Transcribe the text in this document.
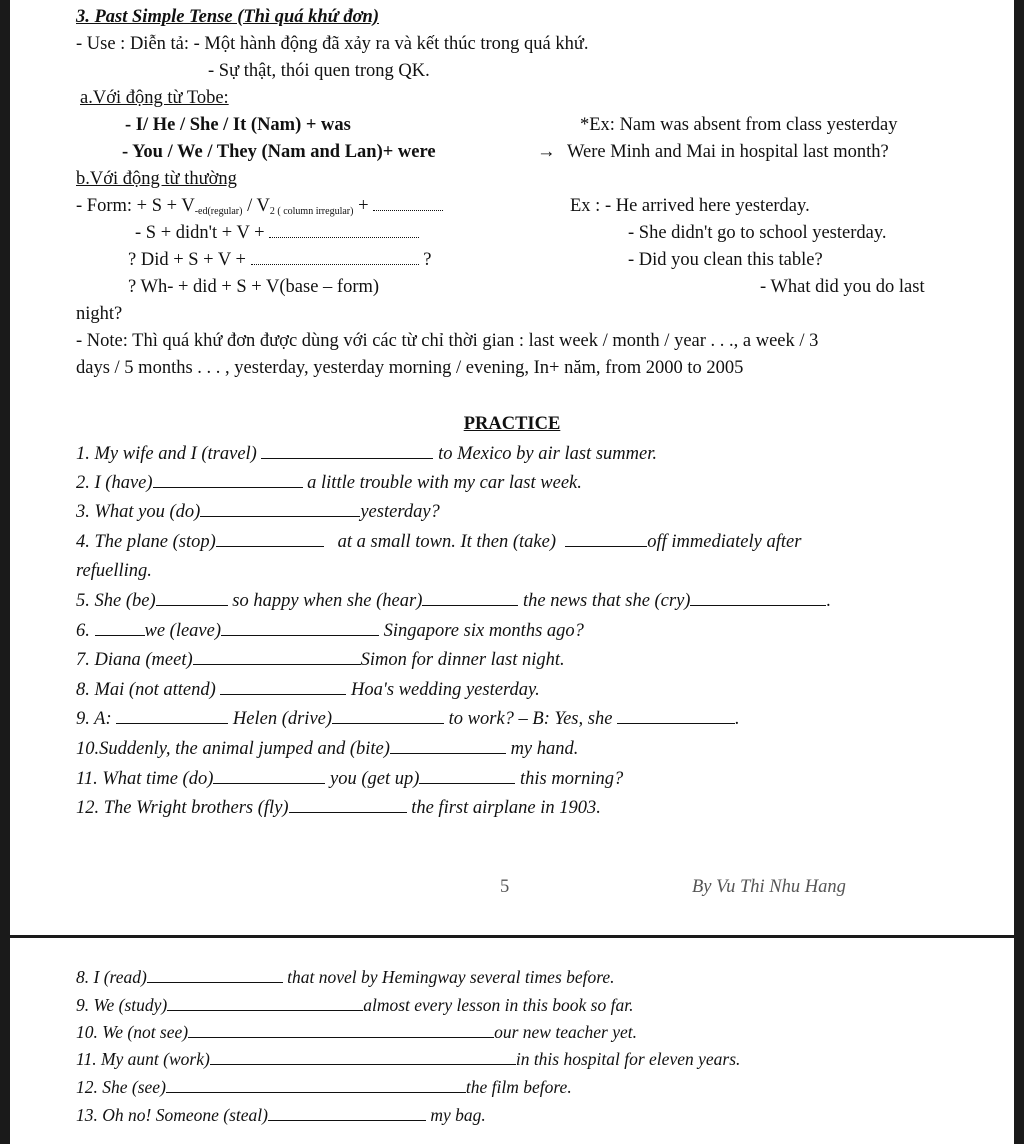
3. Past Simple Tense (Thì quá khứ đơn)
- Use : Diễn tả: - Một hành động đã xảy ra và kết thúc trong quá khứ.
- Sự thật, thói quen trong QK.
a.Với động từ Tobe:
- I/ He / She / It (Nam) + was	*Ex: Nam was absent from class yesterday
- You / We / They (Nam and Lan)+ were	→ Were Minh and Mai in hospital last month?
b.Với động từ thường
- Form: + $S + V_{-ed(regular)} / V_{2 ( column irregular)}$ +	Ex : - He arrived here yesterday.
- S + didn't + V +	- She didn't go to school yesterday.
? Did + S + V +	?	- Did you clean this table?
? Wh- + did + S + V(base – form)	- What did you do last
night?
- Note: Thì quá khứ đơn được dùng với các từ chỉ thời gian : last week / month / year . . ., a week / 3
days / 5 months . . . , yesterday, yesterday morning / evening, In+ năm, from 2000 to 2005
PRACTICE
1. My wife and I (travel)	to Mexico by air last summer.
2. I (have)	a little trouble with my car last week.
3. What you (do)	yesterday?
4. The plane (stop)	at a small town. It then (take)	off immediately after
refuelling.
5. She (be)	so happy when she (hear)	the news that she (cry)	.
6.	we (leave)	Singapore six months ago?
7. Diana (meet)	Simon for dinner last night.
8. Mai (not attend)	Hoa's wedding yesterday.
9. A:	Helen (drive)	to work? – B: Yes, she	.
10.Suddenly, the animal jumped and (bite)	my hand.
11. What time (do)	you (get up)	this morning?
12. The Wright brothers (fly)	the first airplane in 1903.
5	By Vu Thi Nhu Hang
8. I (read)	that novel by Hemingway several times before.
9. We (study)	almost every lesson in this book so far.
10. We (not see)	our new teacher yet.
11. My aunt (work)	in this hospital for eleven years.
12. She (see)	the film before.
13. Oh no! Someone (steal)	my bag.
